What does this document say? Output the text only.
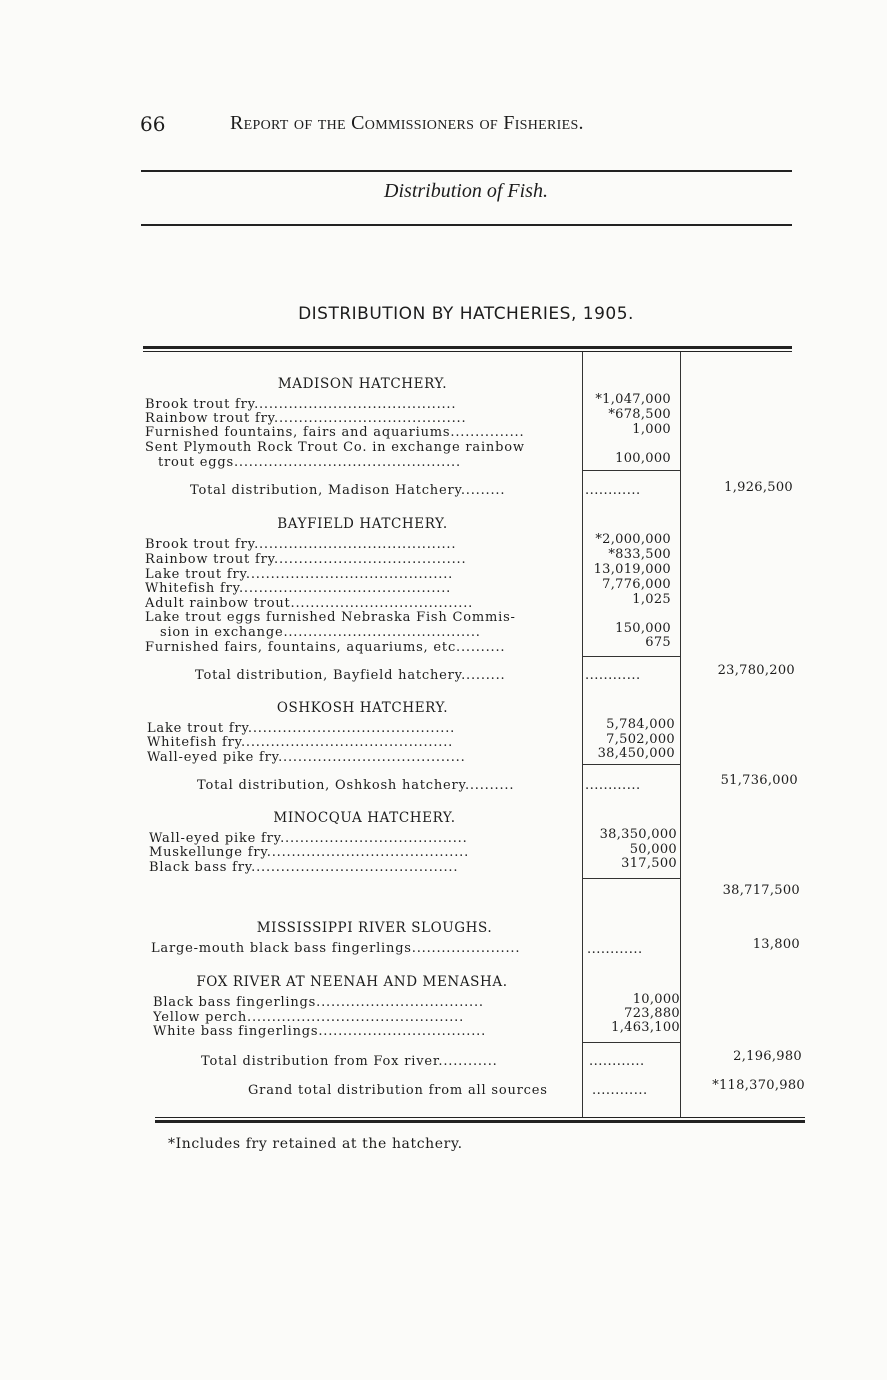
66	Report of the Commissioners of Fisheries.
Distribution of Fish.
DISTRIBUTION BY HATCHERIES, 1905.
MADISON HATCHERY.
Brook trout fry.........................................	*1,047,000
Rainbow trout fry.......................................	*678,500
Furnished fountains, fairs and aquariums...............	1,000
Sent Plymouth Rock Trout Co. in exchange rainbow
trout eggs..............................................	100,000
Total distribution, Madison Hatchery.........	............	1,926,500
BAYFIELD HATCHERY.
Brook trout fry.........................................	*2,000,000
Rainbow trout fry.......................................	*833,500
Lake trout fry..........................................	13,019,000
Whitefish fry...........................................	7,776,000
Adult rainbow trout.....................................	1,025
Lake trout eggs furnished Nebraska Fish Commis-
sion in exchange........................................	150,000
Furnished fairs, fountains, aquariums, etc..........	675
Total distribution, Bayfield hatchery.........	............	23,780,200
OSHKOSH HATCHERY.
Lake trout fry..........................................	5,784,000
Whitefish fry...........................................	7,502,000
Wall-eyed pike fry......................................	38,450,000
Total distribution, Oshkosh hatchery..........	............	51,736,000
MINOCQUA HATCHERY.
Wall-eyed pike fry......................................	38,350,000
Muskellunge fry.........................................	50,000
Black bass fry..........................................	317,500
38,717,500
MISSISSIPPI RIVER SLOUGHS.
Large-mouth black bass fingerlings......................	............	13,800
FOX RIVER AT NEENAH AND MENASHA.
Black bass fingerlings..................................	10,000
Yellow perch............................................	723,880
White bass fingerlings..................................	1,463,100
Total distribution from Fox river............	............	2,196,980
Grand total distribution from all sources	............	*118,370,980
*Includes fry retained at the hatchery.
